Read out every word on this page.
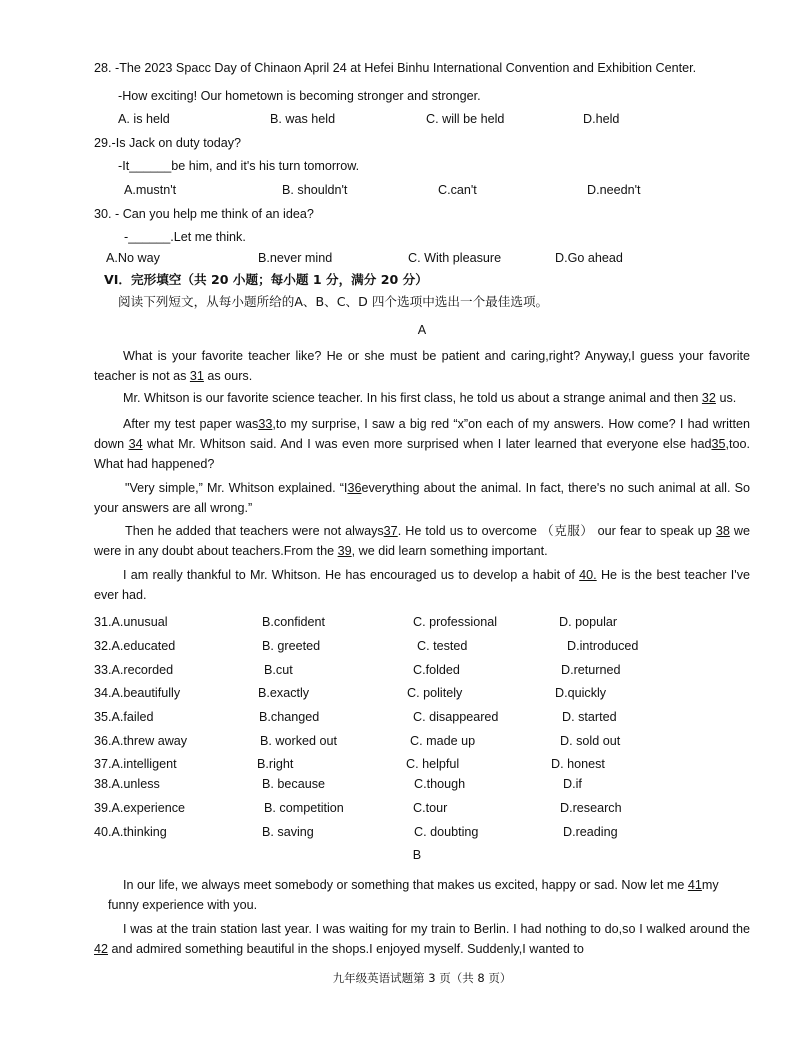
28. -The 2023 Spacc Day of Chinaon April 24 at Hefei Binhu International Convention and Exhibition Center.
-How exciting! Our hometown is becoming stronger and stronger.
A. is held	B. was held	C. will be held	D.held
29.-Is Jack on duty today?
-It______be him, and it's his turn tomorrow.
A.mustn't	B. shouldn't	C.can't	D.needn't
30. - Can you help me think of an idea?
-______.Let me think.
A.No way	B.never mind	C. With pleasure	D.Go ahead
VI．完形填空（共 20 小题；每小题 1 分，满分 20 分）
阅读下列短文，从每小题所给的A、B、C、D 四个选项中选出一个最佳选项。
A
What is your favorite teacher like? He or she must be patient and caring,right? Anyway,I guess your favorite teacher is not as 31 as ours.
Mr. Whitson is our favorite science teacher. In his first class, he told us about a strange animal and then 32 us.
After my test paper was33,to my surprise, I saw a big red “x”on each of my answers. How come? I had written down 34 what Mr. Whitson said. And I was even more surprised when I later learned that everyone else had35,too. What had happened?
"Very simple,” Mr. Whitson explained. “I36everything about the animal. In fact, there's no such animal at all. So your answers are all wrong.”
Then he added that teachers were not always37. He told us to overcome （克服） our fear to speak up 38 we were in any doubt about teachers.From the 39, we did learn something important.
I am really thankful to Mr. Whitson. He has encouraged us to develop a habit of 40. He is the best teacher I've ever had.
31.A.unusual	B.confident	C. professional	D. popular
32.A.educated	B. greeted	C. tested	D.introduced
33.A.recorded	B.cut	C.folded	D.returned
34.A.beautifully	B.exactly	C. politely	D.quickly
35.A.failed	B.changed	C. disappeared	D. started
36.A.threw away	B. worked out	C. made up	D. sold out
37.A.intelligent	B.right	C. helpful	D. honest
38.A.unless	B. because	C.though	D.if
39.A.experience	B. competition	C.tour	D.research
40.A.thinking	B. saving	C. doubting	D.reading
B
In our life, we always meet somebody or something that makes us excited, happy or sad. Now let me 41my funny experience with you.
I was at the train station last year. I was waiting for my train to Berlin. I had nothing to do,so I walked around the 42 and admired something beautiful in the shops.I enjoyed myself. Suddenly,I wanted to
九年级英语试题第 3 页（共 8 页）
